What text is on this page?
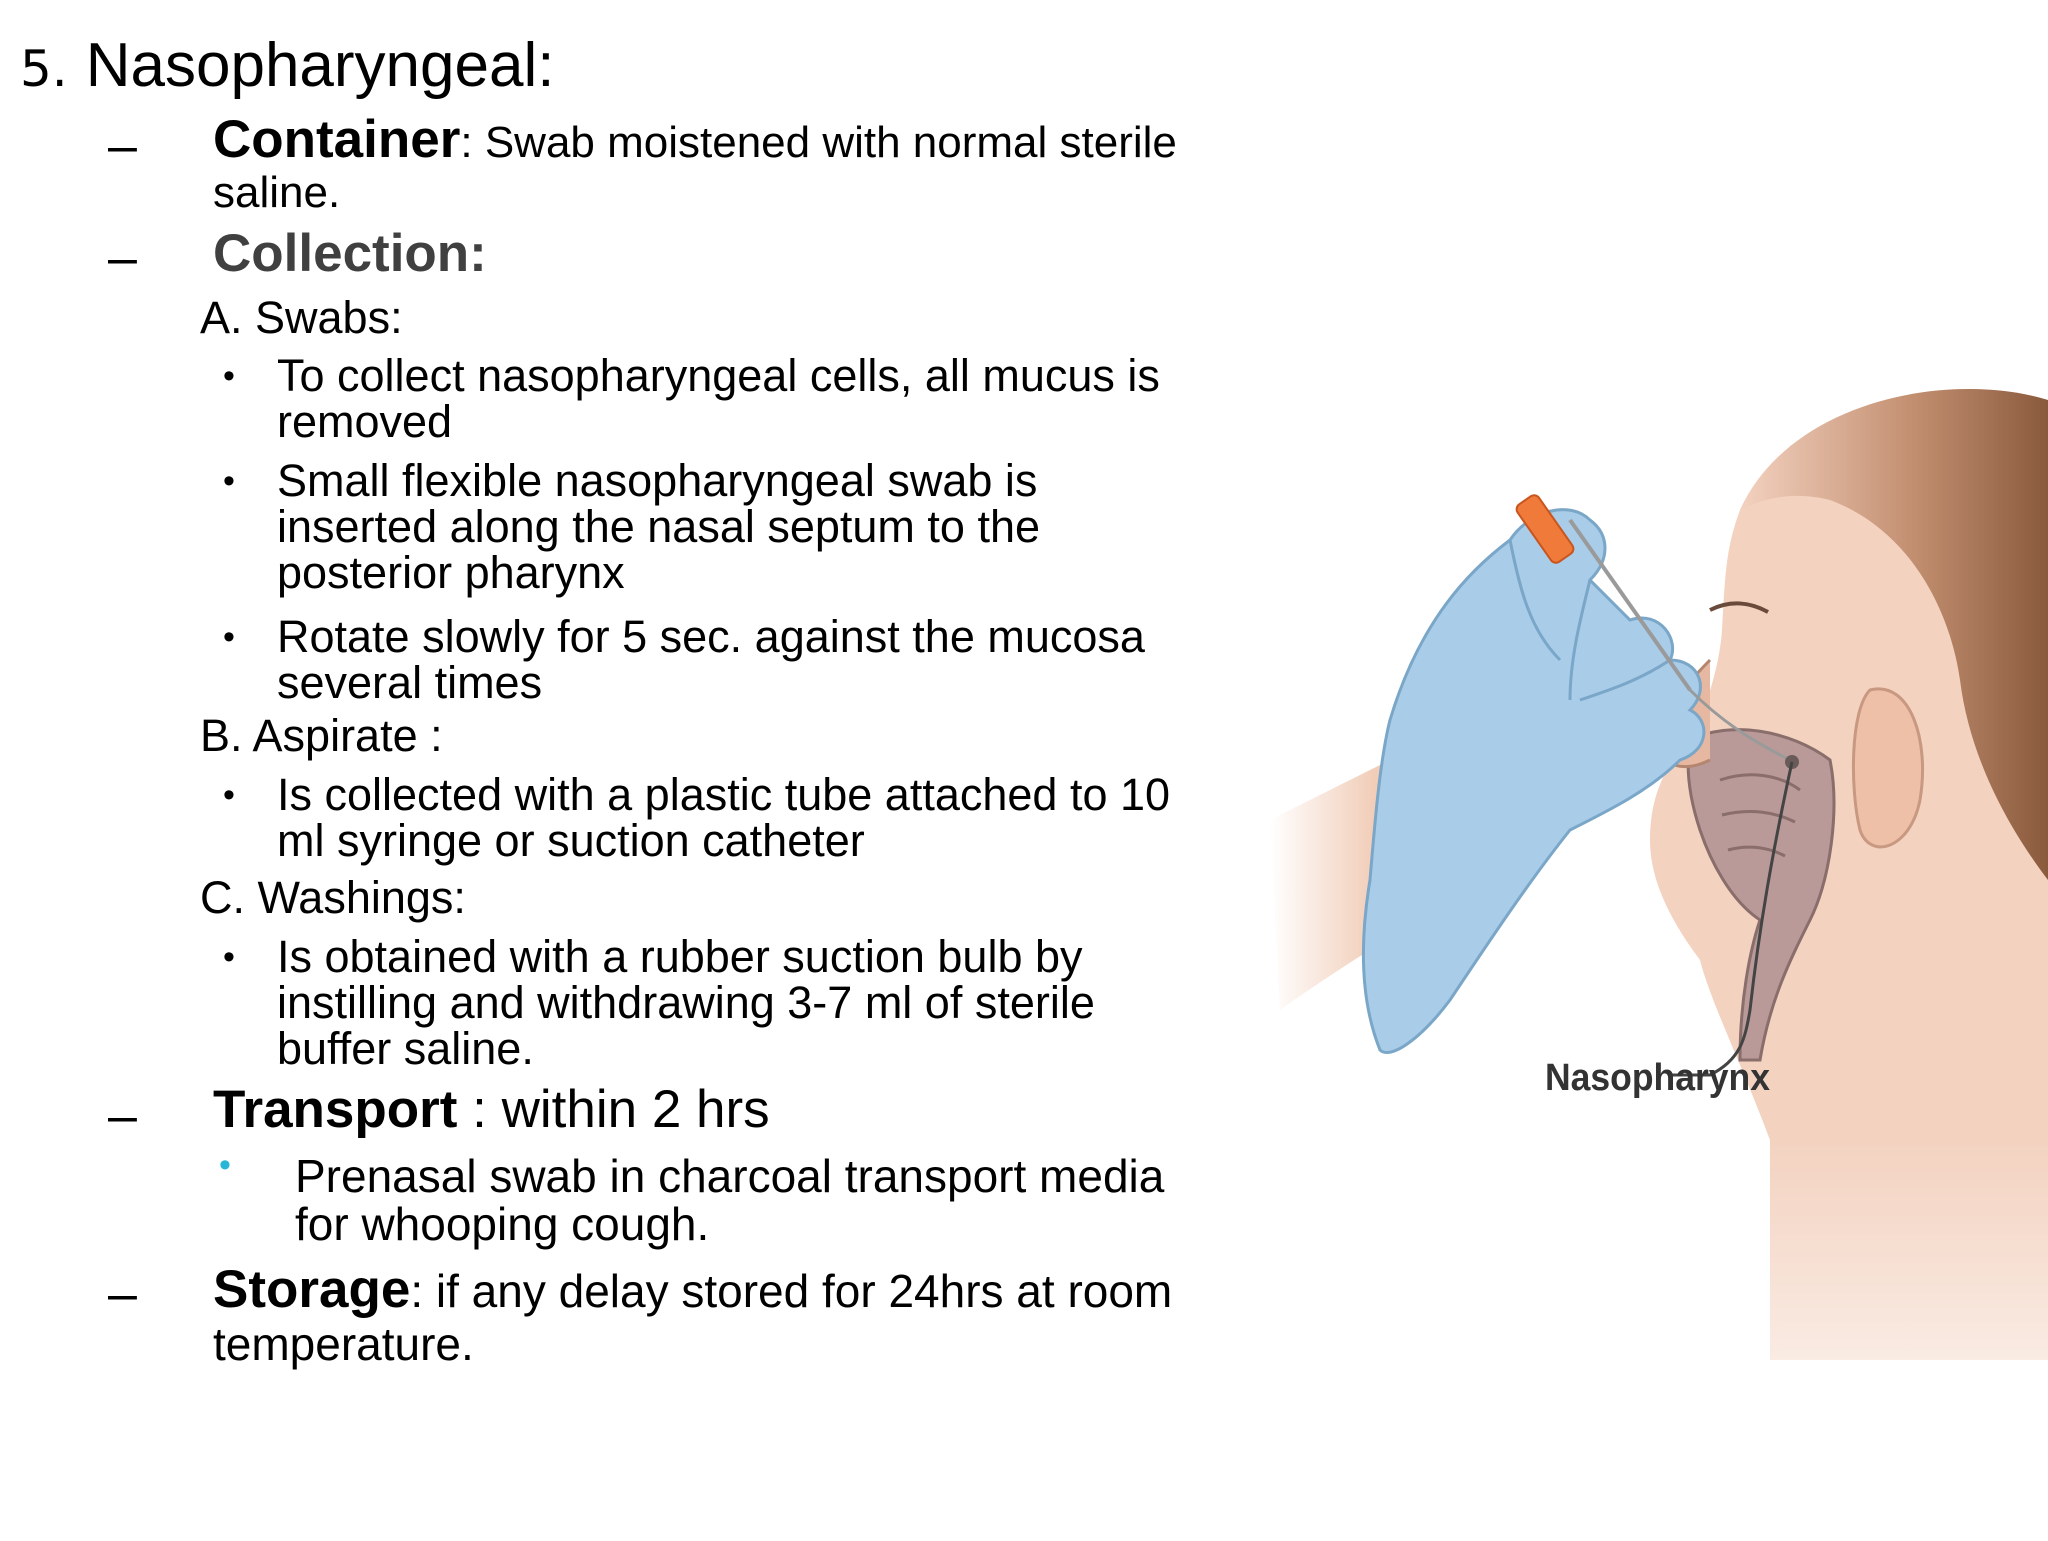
5. Nasopharyngeal:
– Container: Swab moistened with normal sterile
saline.
– Collection:
A. Swabs:
• To collect nasopharyngeal cells, all mucus is
removed
• Small flexible nasopharyngeal swab is
inserted along the nasal septum to the
posterior pharynx
• Rotate slowly for 5 sec. against the mucosa
several times
B. Aspirate :
• Is collected with a plastic tube attached to 10
ml syringe or suction catheter
C. Washings:
• Is obtained with a rubber suction bulb by
instilling and withdrawing 3-7 ml of sterile
buffer saline.
– Transport : within 2 hrs
• Prenasal swab in charcoal transport media
for whooping cough.
– Storage: if any delay stored for 24hrs at room
temperature.
Nasopharynx
